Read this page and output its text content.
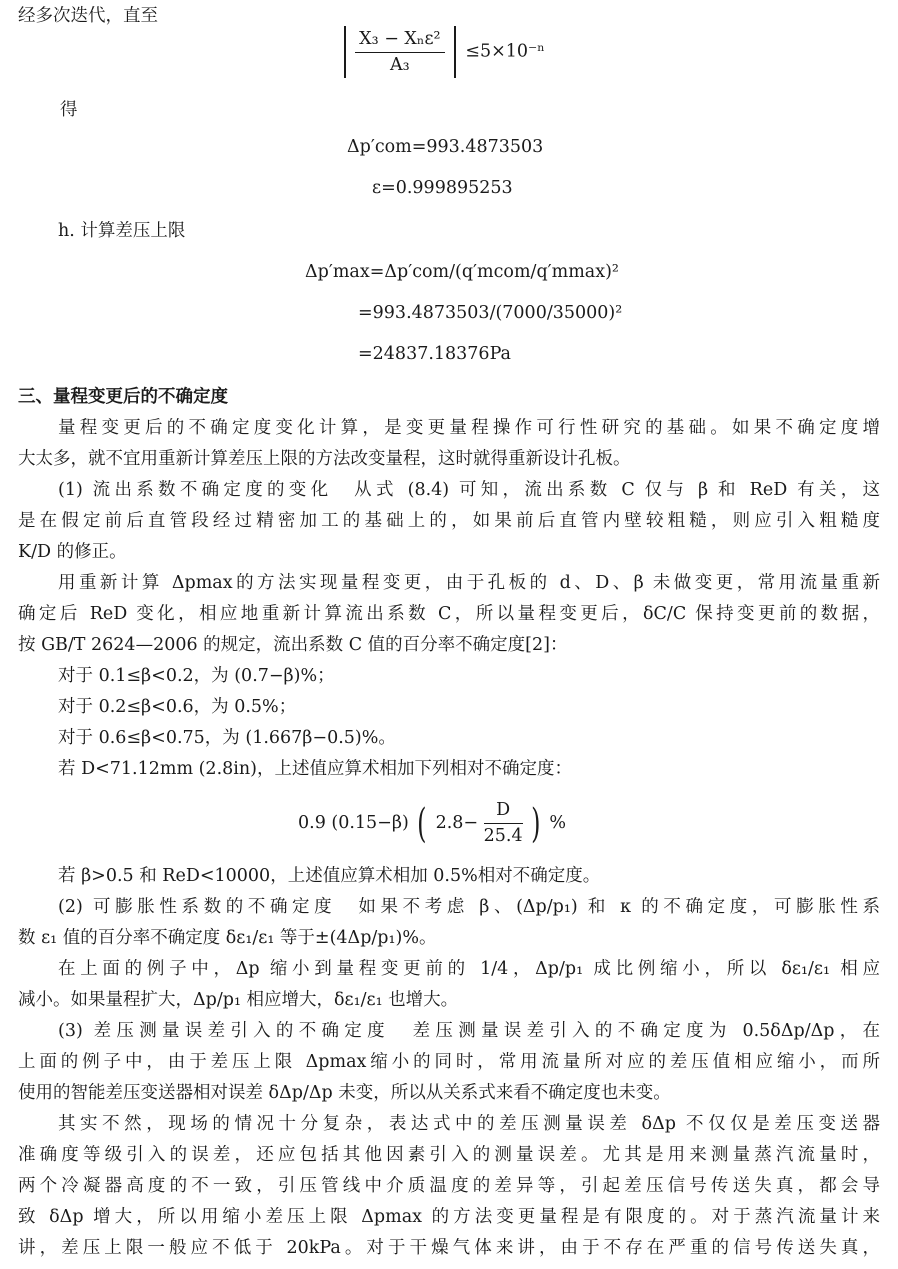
经多次迭代，直至

$\frac{\text{X₃ − Xₙε²}}{\text{A₃}} \le 5\times 10^{-n}$
得
Δp′com=993.4873503
ε=0.999895253
h. 计算差压上限
Δp′max=Δp′com/(q′mcom/q′mmax)²
=993.4873503/(7000/35000)²
=24837.18376Pa
三、量程变更后的不确定度
量程变更后的不确定度变化计算，是变更量程操作可行性研究的基础。如果不确定度增
大太多，就不宜用重新计算差压上限的方法改变量程，这时就得重新设计孔板。
(1) 流出系数不确定度的变化　从式 (8.4) 可知，流出系数 C 仅与 β 和 ReD 有关，这
是在假定前后直管段经过精密加工的基础上的，如果前后直管内壁较粗糙，则应引入粗糙度
K/D 的修正。
用重新计算 Δpmax的方法实现量程变更，由于孔板的 d、D、β 未做变更，常用流量重新
确定后 ReD 变化，相应地重新计算流出系数 C，所以量程变更后，δC/C 保持变更前的数据，
按 GB/T 2624—2006 的规定，流出系数 C 值的百分率不确定度[2]：
对于 0.1≤β<0.2，为 (0.7−β)%；
对于 0.2≤β<0.6，为 0.5%；
对于 0.6≤β<0.75，为 (1.667β−0.5)%。
若 D<71.12mm (2.8in)，上述值应算术相加下列相对不确定度：
0.9 (0.15−β) ( $2.8- \frac{D}{25.4}$ ) %
若 β>0.5 和 ReD<10000，上述值应算术相加 0.5%相对不确定度。
(2) 可膨胀性系数的不确定度　如果不考虑 β、(Δp/p₁) 和 κ 的不确定度，可膨胀性系
数 ε₁ 值的百分率不确定度 δε₁/ε₁ 等于±(4Δp/p₁)%。
在上面的例子中，Δp 缩小到量程变更前的 1/4，Δp/p₁ 成比例缩小，所以 δε₁/ε₁ 相应
减小。如果量程扩大，Δp/p₁ 相应增大，δε₁/ε₁ 也增大。
(3) 差压测量误差引入的不确定度　差压测量误差引入的不确定度为 0.5δΔp/Δp，在
上面的例子中，由于差压上限 Δpmax缩小的同时，常用流量所对应的差压值相应缩小，而所
使用的智能差压变送器相对误差 δΔp/Δp 未变，所以从关系式来看不确定度也未变。
其实不然，现场的情况十分复杂，表达式中的差压测量误差 δΔp 不仅仅是差压变送器
准确度等级引入的误差，还应包括其他因素引入的测量误差。尤其是用来测量蒸汽流量时，
两个冷凝器高度的不一致，引压管线中介质温度的差异等，引起差压信号传送失真，都会导
致 δΔp 增大，所以用缩小差压上限 Δpmax 的方法变更量程是有限度的。对于蒸汽流量计来
讲，差压上限一般应不低于 20kPa。对于干燥气体来讲，由于不存在严重的信号传送失真，
